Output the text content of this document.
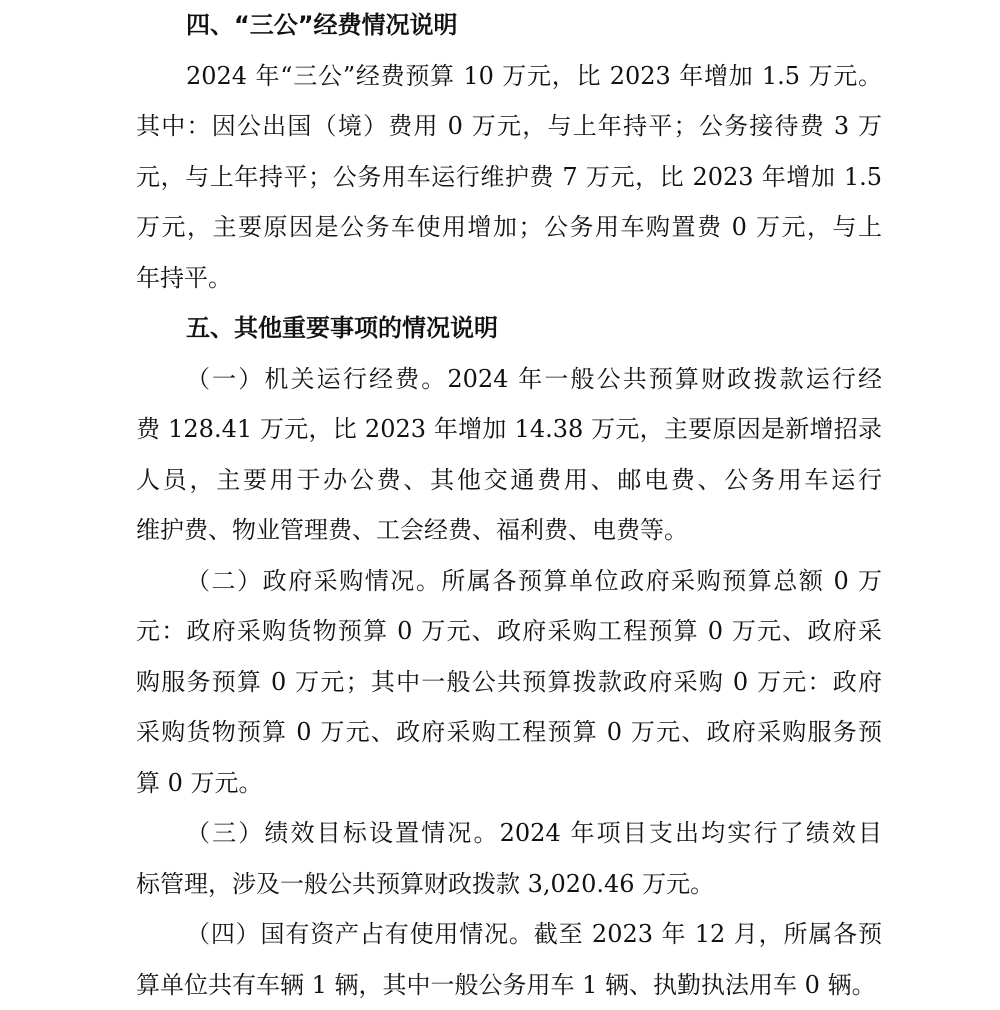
四、“三公”经费情况说明
2024 年“三公”经费预算 10 万元，比 2023 年增加 1.5 万元。
其中：因公出国（境）费用 0 万元，与上年持平；公务接待费 3 万
元，与上年持平；公务用车运行维护费 7 万元，比 2023 年增加 1.5
万元，主要原因是公务车使用增加；公务用车购置费 0 万元，与上
年持平。
五、其他重要事项的情况说明
（一）机关运行经费。2024 年一般公共预算财政拨款运行经
费 128.41 万元，比 2023 年增加 14.38 万元，主要原因是新增招录
人员，主要用于办公费、其他交通费用、邮电费、公务用车运行
维护费、物业管理费、工会经费、福利费、电费等。
（二）政府采购情况。所属各预算单位政府采购预算总额 0 万
元：政府采购货物预算 0 万元、政府采购工程预算 0 万元、政府采
购服务预算 0 万元；其中一般公共预算拨款政府采购 0 万元：政府
采购货物预算 0 万元、政府采购工程预算 0 万元、政府采购服务预
算 0 万元。
（三）绩效目标设置情况。2024 年项目支出均实行了绩效目
标管理，涉及一般公共预算财政拨款 3,020.46 万元。
（四）国有资产占有使用情况。截至 2023 年 12 月，所属各预
算单位共有车辆 1 辆，其中一般公务用车 1 辆、执勤执法用车 0 辆。
